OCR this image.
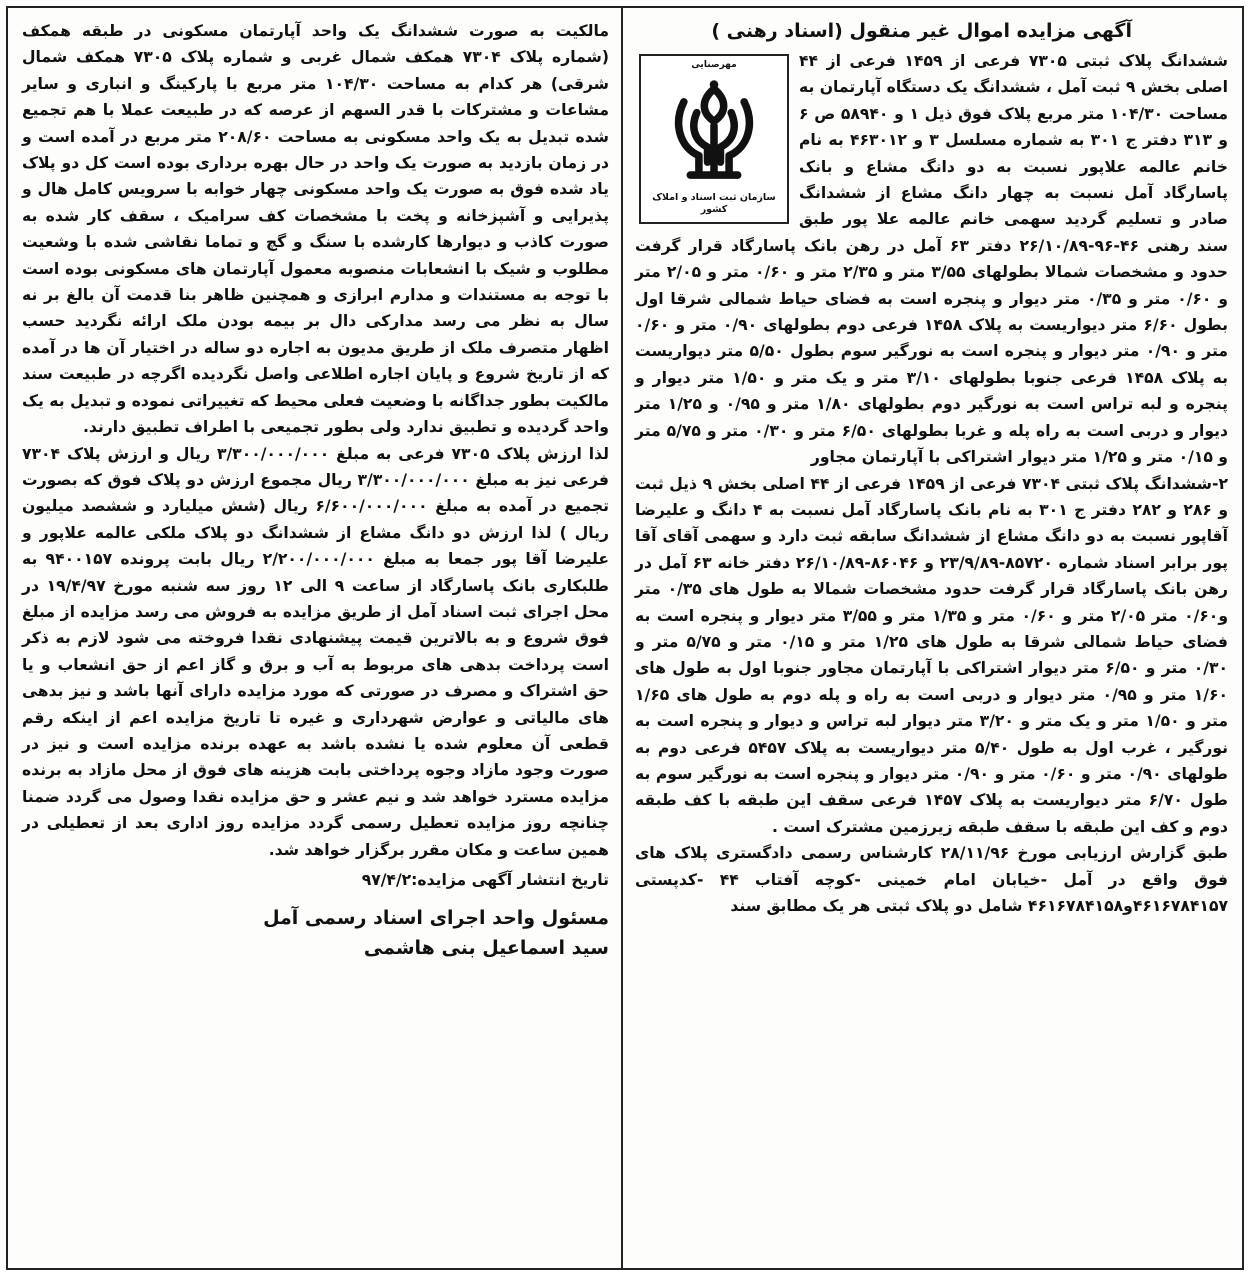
آگهی مزایده اموال غیر منقول (اسناد رهنی )
مهرصنایی
سازمان ثبت اسناد و املاک کشور

ششدانگ پلاک ثبتی ۷۳۰۵ فرعی از ۱۴۵۹ فرعی از ۴۴ اصلی بخش ۹ ثبت آمل ، ششدانگ یک دستگاه آپارتمان به مساحت ۱۰۴/۳۰ متر مربع پلاک فوق ذیل ۱ و ۵۸۹۴۰ ص ۶ و ۳۱۳ دفتر ج ۳۰۱ به شماره مسلسل ۳ و ۴۶۳۰۱۲ به نام خانم عالمه علاپور نسبت به دو دانگ مشاع و بانک پاسارگاد آمل نسبت به چهار دانگ مشاع از ششدانگ صادر و تسلیم گردید سهمی خانم عالمه علا پور طبق سند رهنی ۴۶-۹۶-۲۶/۱۰/۸۹ دفتر ۶۳ آمل در رهن بانک پاسارگاد قرار گرفت حدود و مشخصات شمالا بطولهای ۳/۵۵ متر و ۲/۳۵ متر و ۰/۶۰ متر و ۲/۰۵ متر و ۰/۶۰ متر و ۰/۳۵ متر دیوار و پنجره است به فضای حیاط شمالی شرقا اول بطول ۶/۶۰ متر دیواریست به پلاک ۱۴۵۸ فرعی دوم بطولهای ۰/۹۰ متر و ۰/۶۰ متر و ۰/۹۰ متر دیوار و پنجره است به نورگیر سوم بطول ۵/۵۰ متر دیواریست به پلاک ۱۴۵۸ فرعی جنوبا بطولهای ۳/۱۰ متر و یک متر و ۱/۵۰ متر دیوار و پنجره و لبه تراس است به نورگیر دوم بطولهای ۱/۸۰ متر و ۰/۹۵ و ۱/۲۵ متر دیوار و دربی است به راه پله و غربا بطولهای ۶/۵۰ متر و ۰/۳۰ متر و ۵/۷۵ متر و ۰/۱۵ متر و ۱/۲۵ متر دیوار اشتراکی با آپارتمان مجاور

۲-ششدانگ پلاک ثبتی ۷۳۰۴ فرعی از ۱۴۵۹ فرعی از ۴۴ اصلی بخش ۹ ذیل ثبت و ۲۸۶ و ۲۸۲ دفتر ج ۳۰۱ به نام بانک پاسارگاد آمل نسبت به ۴ دانگ و علیرضا آقاپور نسبت به دو دانگ مشاع از ششدانگ سابقه ثبت دارد و سهمی آقای آقا پور برابر اسناد شماره ۸۵۷۲۰-۲۳/۹/۸۹ و ۸۶۰۴۶-۲۶/۱۰/۸۹ دفتر خانه ۶۳ آمل در رهن بانک پاسارگاد قرار گرفت حدود مشخصات شمالا به طول های ۰/۳۵ متر و۰/۶۰ متر ۲/۰۵ متر و ۰/۶۰ متر و ۱/۳۵ متر و ۳/۵۵ متر دیوار و پنجره است به فضای حیاط شمالی شرقا به طول های ۱/۲۵ متر و ۰/۱۵ متر و ۵/۷۵ متر و ۰/۳۰ متر و ۶/۵۰ متر دیوار اشتراکی با آپارتمان مجاور جنوبا اول به طول های ۱/۶۰ متر و ۰/۹۵ متر دیوار و دربی است به راه و پله دوم به طول های ۱/۶۵ متر و ۱/۵۰ متر و یک متر و ۳/۲۰ متر دیوار لبه تراس و دیوار و پنجره است به نورگیر ، غرب اول به طول ۵/۴۰ متر دیواریست به پلاک ۵۴۵۷ فرعی دوم به طولهای ۰/۹۰ متر و ۰/۶۰ متر و ۰/۹۰ متر دیوار و پنجره است به نورگیر سوم به طول ۶/۷۰ متر دیواریست به پلاک ۱۴۵۷ فرعی سقف این طبقه با کف طبقه دوم و کف این طبقه با سقف طبقه زیرزمین مشترک است .

طبق گزارش ارزیابی مورخ ۲۸/۱۱/۹۶ کارشناس رسمی دادگستری پلاک های فوق واقع در آمل -خیابان امام خمینی -کوچه آفتاب ۴۴ -کدپستی ۴۶۱۶۷۸۴۱۵۷و۴۶۱۶۷۸۴۱۵۸ شامل دو پلاک ثبتی هر یک مطابق سند

مالکیت به صورت ششدانگ یک واحد آپارتمان مسکونی در طبقه همکف (شماره پلاک ۷۳۰۴ همکف شمال غربی و شماره پلاک ۷۳۰۵ همکف شمال شرقی) هر کدام به مساحت ۱۰۴/۳۰ متر مربع با پارکینگ و انباری و سایر مشاعات و مشترکات با قدر السهم از عرصه که در طبیعت عملا با هم تجمیع شده تبدیل به یک واحد مسکونی به مساحت ۲۰۸/۶۰ متر مربع در آمده است و در زمان بازدید به صورت یک واحد در حال بهره برداری بوده است کل دو پلاک یاد شده فوق به صورت یک واحد مسکونی چهار خوابه با سرویس کامل هال و پذیرایی و آشپزخانه و پخت با مشخصات کف سرامیک ، سقف کار شده به صورت کاذب و دیوارها کارشده با سنگ و گچ و تماما نقاشی شده با وشعیت مطلوب و شیک با انشعابات منصوبه معمول آپارتمان های مسکونی بوده است با توجه به مستندات و مدارم ابرازی و همچنین ظاهر بنا قدمت آن بالغ بر نه سال به نظر می رسد مدارکی دال بر بیمه بودن ملک ارائه نگردید حسب اظهار متصرف ملک از طریق مدیون به اجاره دو ساله در اختیار آن ها در آمده که از تاریخ شروع و پایان اجاره اطلاعی واصل نگردیده اگرچه در طبیعت سند مالکیت بطور جداگانه با وضعیت فعلی محیط که تغییراتی نموده و تبدیل به یک واحد گردیده و تطبیق ندارد ولی بطور تجمیعی با اطراف تطبیق دارند.

لذا ارزش پلاک ۷۳۰۵ فرعی به مبلغ ۳/۳۰۰/۰۰۰/۰۰۰ ریال و ارزش پلاک ۷۳۰۴ فرعی نیز به مبلغ ۳/۳۰۰/۰۰۰/۰۰۰ ریال مجموع ارزش دو پلاک فوق که بصورت تجمیع در آمده به مبلغ ۶/۶۰۰/۰۰۰/۰۰۰ ریال (شش میلیارد و ششصد میلیون ریال ) لذا ارزش دو دانگ مشاع از ششدانگ دو پلاک ملکی عالمه علاپور و علیرضا آقا پور جمعا به مبلغ ۲/۲۰۰/۰۰۰/۰۰۰ ریال بابت پرونده ۹۴۰۰۱۵۷ به طلبکاری بانک پاسارگاد از ساعت ۹ الی ۱۲ روز سه شنبه مورخ ۱۹/۴/۹۷ در محل اجرای ثبت اسناد آمل از طریق مزایده به فروش می رسد مزایده از مبلغ فوق شروع و به بالاترین قیمت پیشنهادی نقدا فروخته می شود لازم به ذکر است پرداخت بدهی های مربوط به آب و برق و گاز اعم از حق انشعاب و یا حق اشتراک و مصرف در صورتی که مورد مزایده دارای آنها باشد و نیز بدهی های مالیاتی و عوارض شهرداری و غیره تا تاریخ مزایده اعم از اینکه رقم قطعی آن معلوم شده یا نشده باشد به عهده برنده مزایده است و نیز در صورت وجود مازاد وجوه پرداختی بابت هزینه های فوق از محل مازاد به برنده مزایده مسترد خواهد شد و نیم عشر و حق مزایده نقدا وصول می گردد ضمنا چنانچه روز مزایده تعطیل رسمی گردد مزایده روز اداری بعد از تعطیلی در همین ساعت و مکان مقرر برگزار خواهد شد.

تاریخ انتشار آگهی مزایده:۹۷/۴/۲

مسئول واحد اجرای اسناد رسمی آمل

سید اسماعیل بنی هاشمی
